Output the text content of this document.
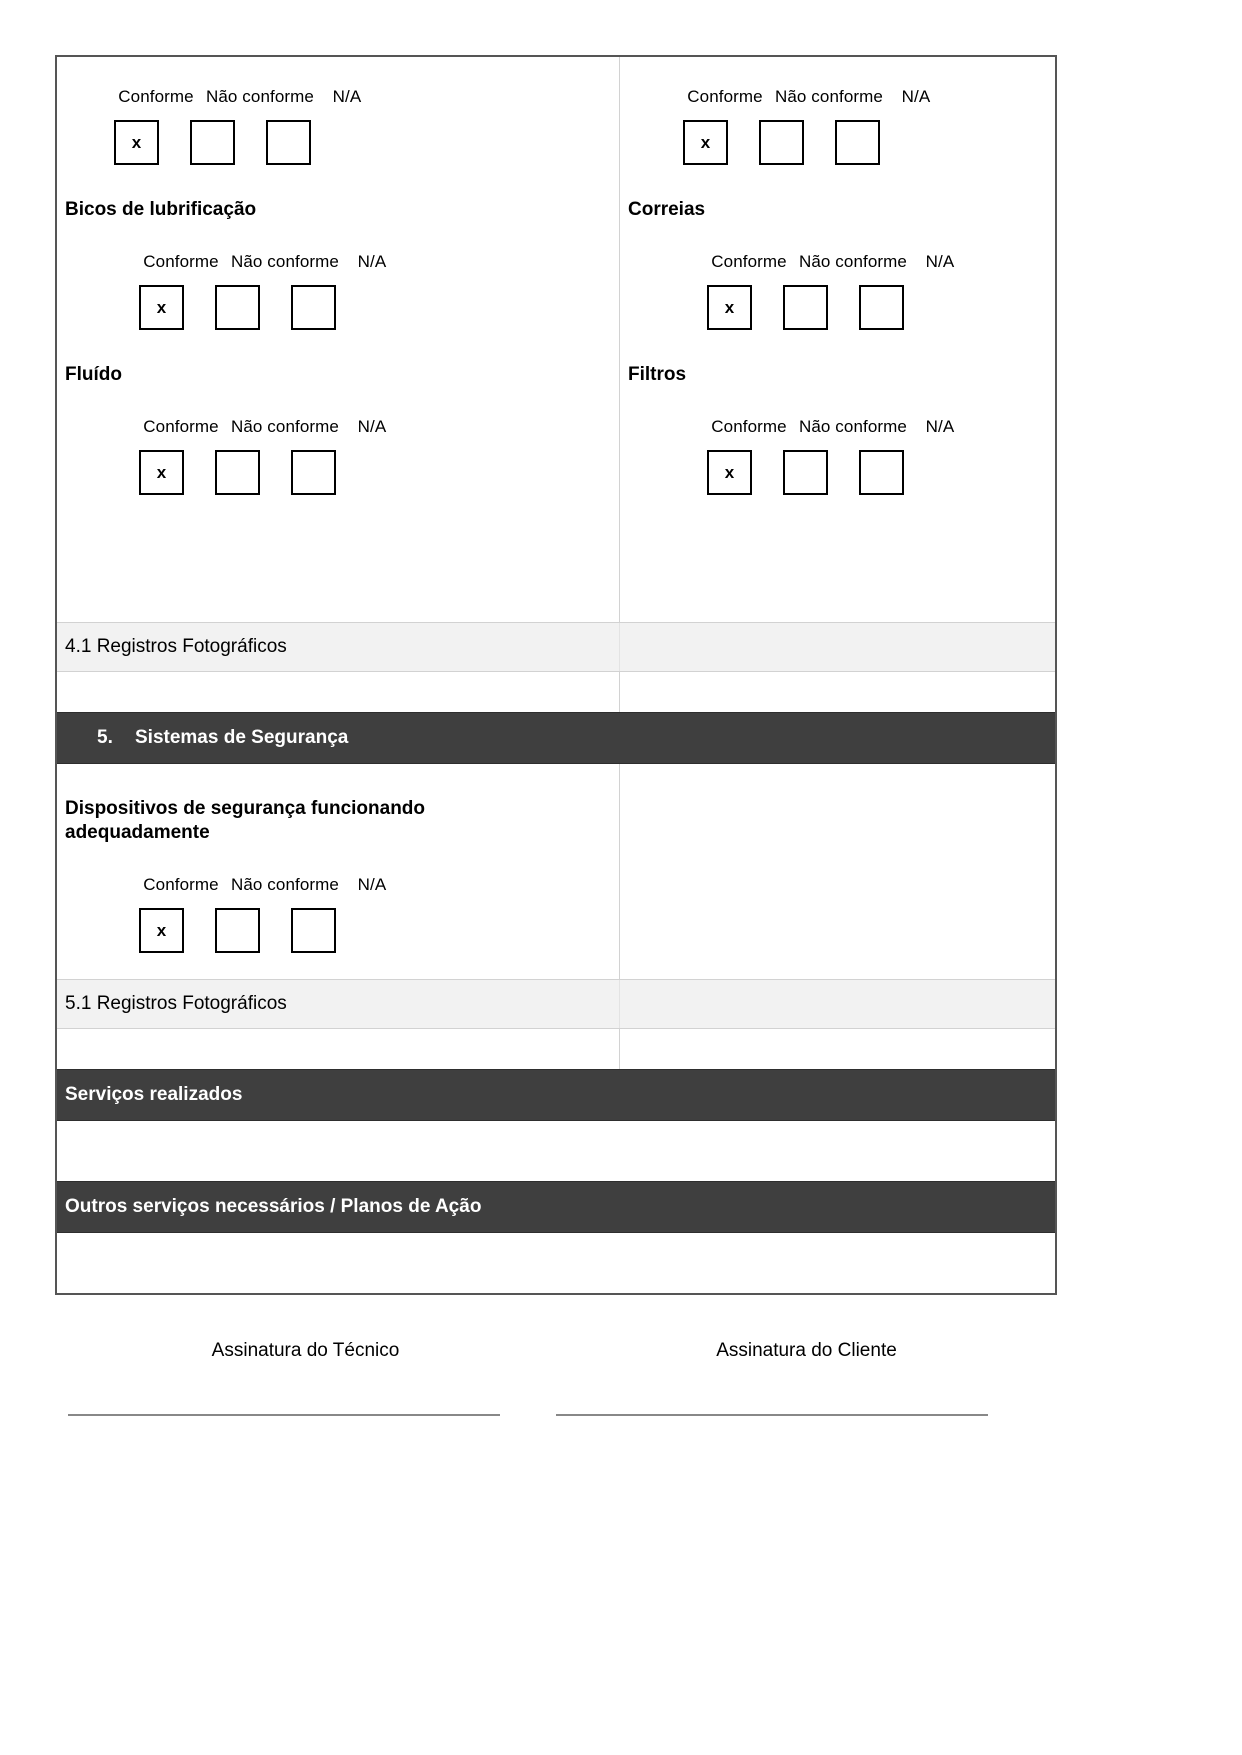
Conforme Não conforme N/A
x
Bicos de lubrificação
Conforme Não conforme N/A
x
Fluído
Conforme Não conforme N/A
x
Conforme Não conforme N/A
x
Correias
Conforme Não conforme N/A
x
Filtros
Conforme Não conforme N/A
x
4.1 Registros Fotográficos
5. Sistemas de Segurança
Dispositivos de segurança funcionando adequadamente
Conforme Não conforme N/A
x
5.1 Registros Fotográficos
Serviços realizados
Outros serviços necessários / Planos de Ação
Assinatura do Técnico	Assinatura do Cliente
